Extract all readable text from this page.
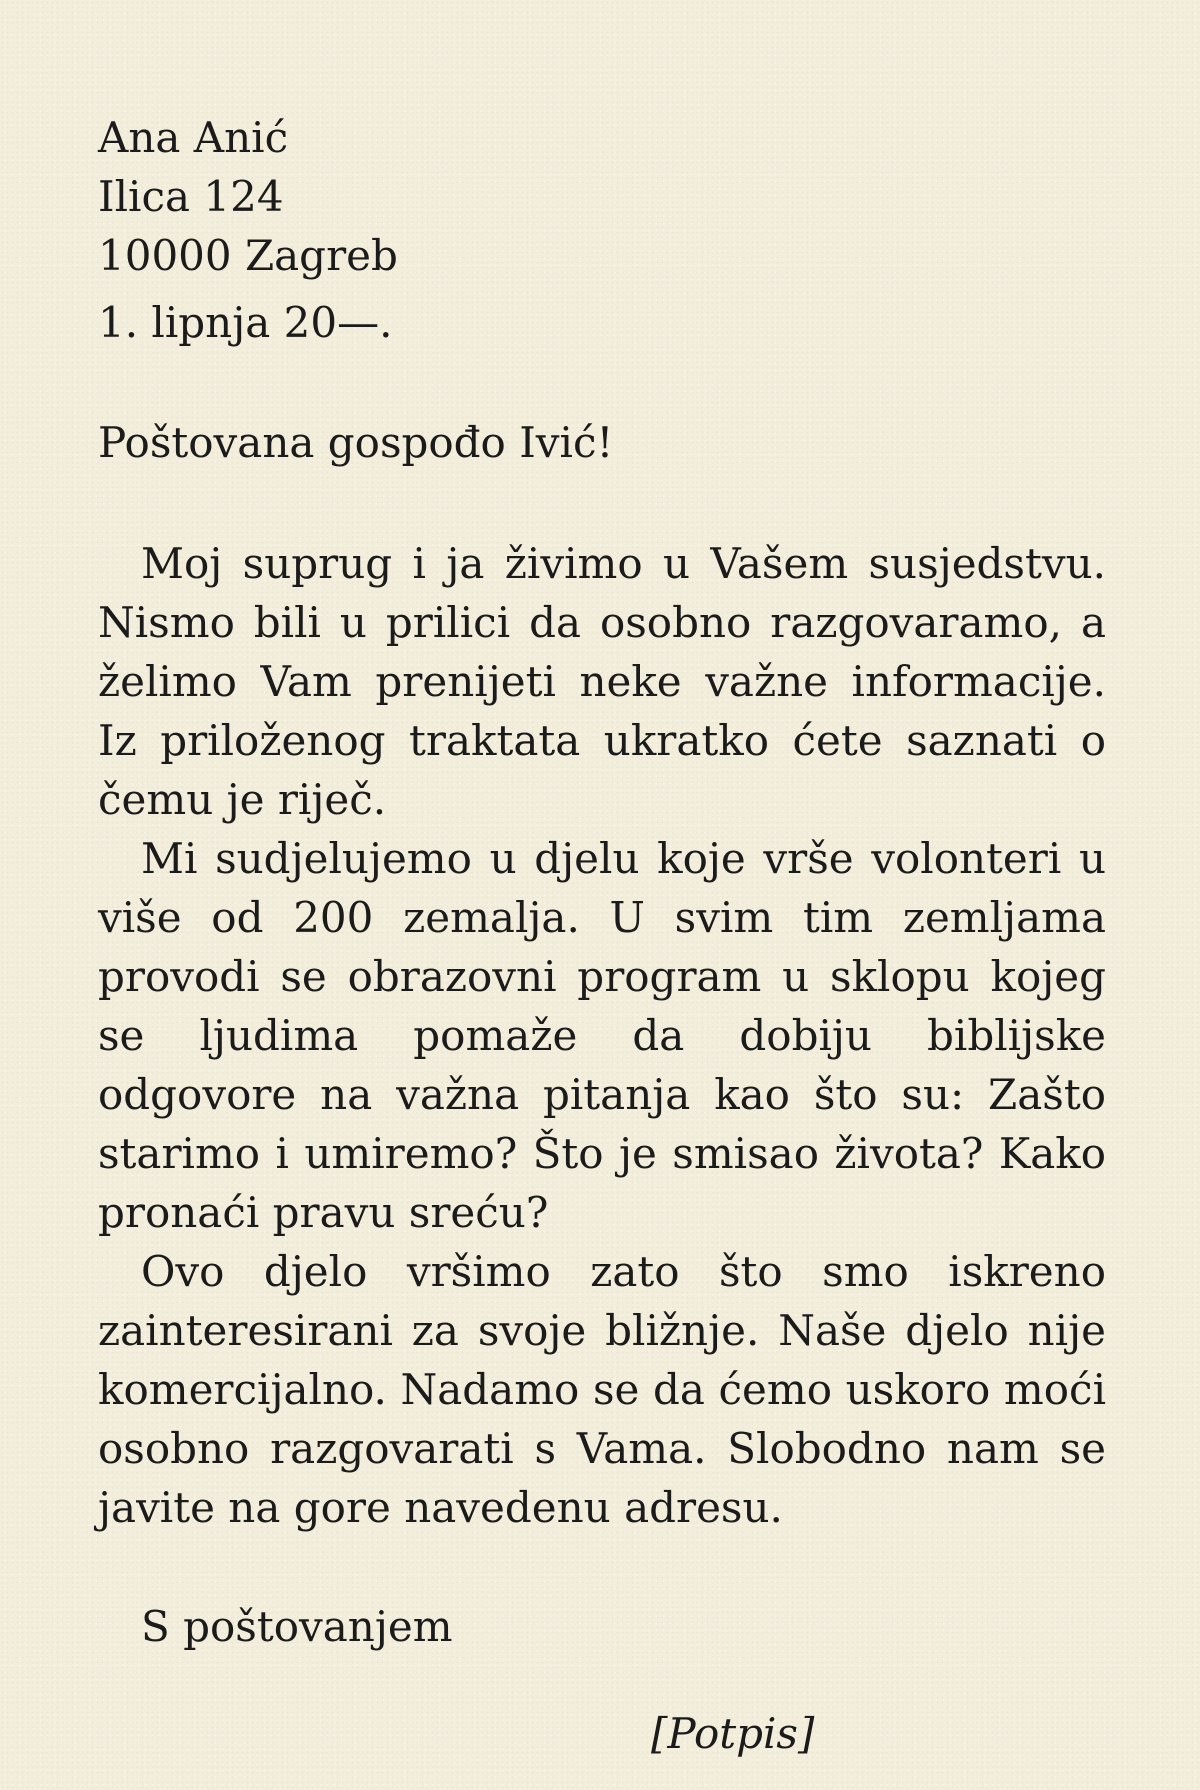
Ana Anić
Ilica 124
10000 Zagreb
1. lipnja 20—.
Poštovana gospođo Ivić!

Moj suprug i ja živimo u Vašem susjedstvu. Nismo bili u prilici da osobno razgovaramo, a želimo Vam prenijeti neke važne informacije. Iz priloženog traktata ukratko ćete saznati o čemu je riječ.

Mi sudjelujemo u djelu koje vrše volonteri u više od 200 zemalja. U svim tim zemljama provodi se obrazovni program u sklopu kojeg se ljudima pomaže da dobiju biblijske odgovore na važna pitanja kao što su: Zašto starimo i umiremo? Što je smisao života? Kako pronaći pravu sreću?

Ovo djelo vršimo zato što smo iskreno zainteresirani za svoje bližnje. Naše djelo nije komercijalno. Nadamo se da ćemo uskoro moći osobno razgovarati s Vama. Slobodno nam se javite na gore navedenu adresu.

S poštovanjem
[Potpis]
